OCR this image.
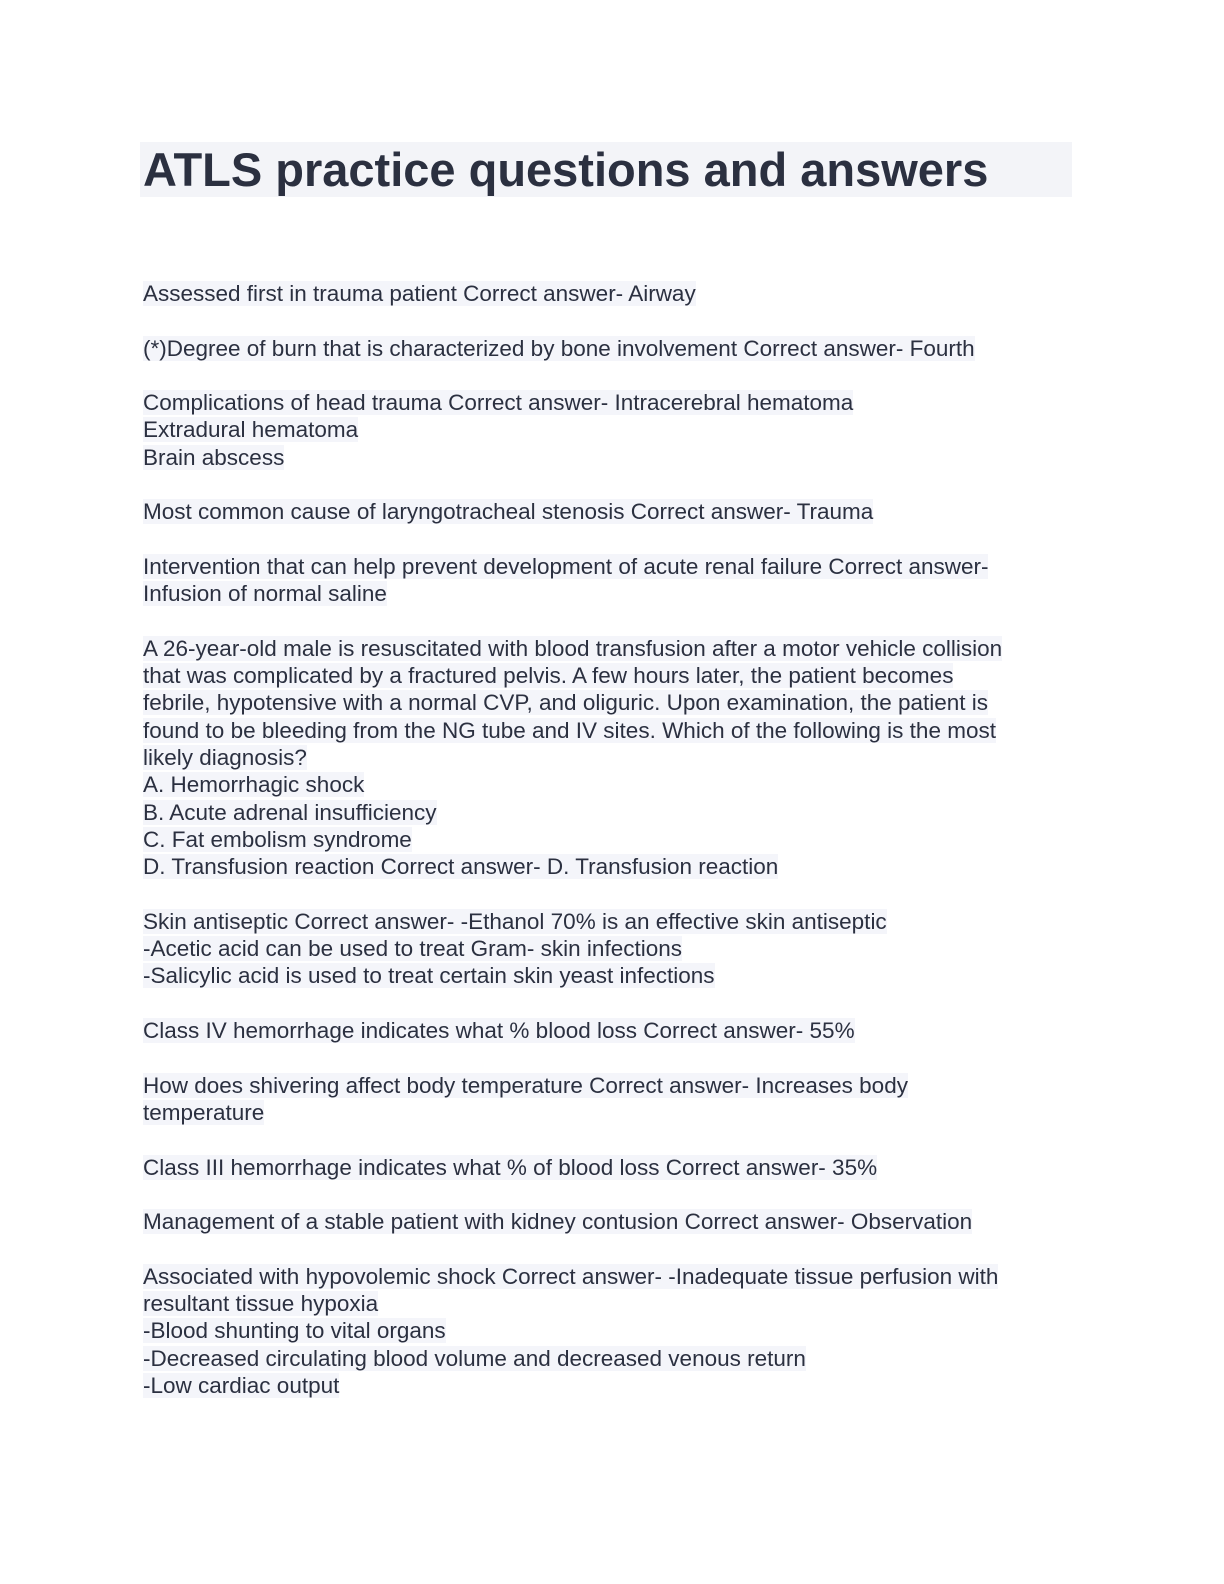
ATLS practice questions and answers
Assessed first in trauma patient Correct answer- Airway
(*)Degree of burn that is characterized by bone involvement Correct answer- Fourth
Complications of head trauma Correct answer- Intracerebral hematoma
Extradural hematoma
Brain abscess
Most common cause of laryngotracheal stenosis Correct answer- Trauma
Intervention that can help prevent development of acute renal failure Correct answer-
Infusion of normal saline
A 26-year-old male is resuscitated with blood transfusion after a motor vehicle collision
that was complicated by a fractured pelvis. A few hours later, the patient becomes
febrile, hypotensive with a normal CVP, and oliguric. Upon examination, the patient is
found to be bleeding from the NG tube and IV sites. Which of the following is the most
likely diagnosis?
A. Hemorrhagic shock
B. Acute adrenal insufficiency
C. Fat embolism syndrome
D. Transfusion reaction Correct answer- D. Transfusion reaction
Skin antiseptic Correct answer- -Ethanol 70% is an effective skin antiseptic
-Acetic acid can be used to treat Gram- skin infections
-Salicylic acid is used to treat certain skin yeast infections
Class IV hemorrhage indicates what % blood loss Correct answer- 55%
How does shivering affect body temperature Correct answer- Increases body
temperature
Class III hemorrhage indicates what % of blood loss Correct answer- 35%
Management of a stable patient with kidney contusion Correct answer- Observation
Associated with hypovolemic shock Correct answer- -Inadequate tissue perfusion with
resultant tissue hypoxia
-Blood shunting to vital organs
-Decreased circulating blood volume and decreased venous return
-Low cardiac output
